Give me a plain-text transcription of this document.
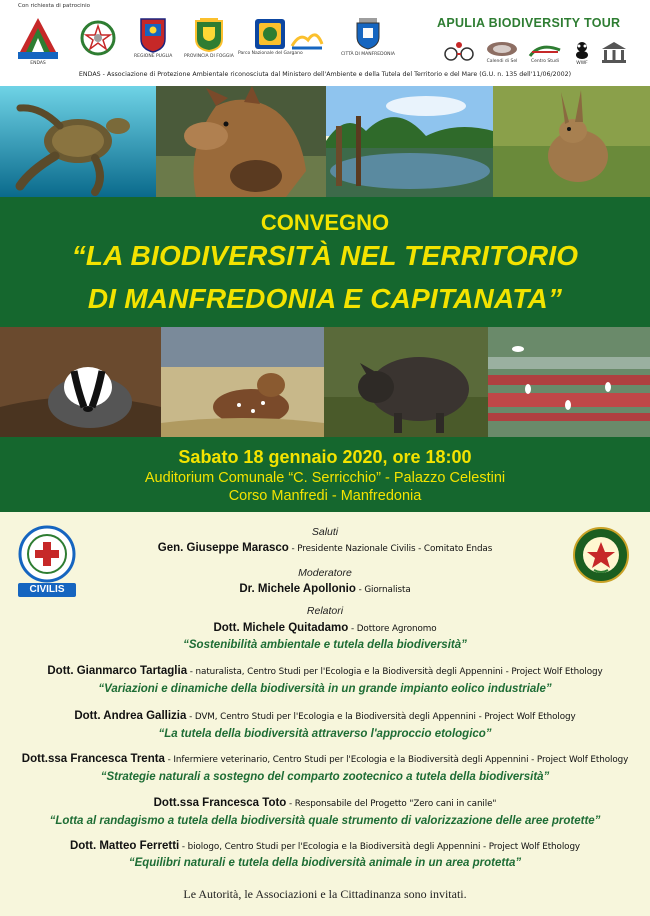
Con richiesta di patrocinio
ENDAS
REGIONE PUGLIA	PROVINCIA DI FOGGIA
Parco Nazionale del Gargano	CITTÀ DI MANFREDONIA
APULIA BIODIVERSITY TOUR
Calendi di Sel	Centro Studi	WWF
ENDAS - Associazione di Protezione Ambientale riconosciuta dal Ministero dell'Ambiente e della Tutela del Territorio e del Mare (G.U. n. 135 dell'11/06/2002)
CONVEGNO
“LA BIODIVERSITÀ NEL TERRITORIO
DI MANFREDONIA E CAPITANATA”
Sabato 18 gennaio 2020, ore 18:00
Auditorium Comunale “C. Serricchio” - Palazzo Celestini
Corso Manfredi - Manfredonia
CIVILIS
Saluti
Gen. Giuseppe Marasco - Presidente Nazionale Civilis - Comitato Endas
Moderatore
Dr. Michele Apollonio - Giornalista
Relatori
Dott. Michele Quitadamo - Dottore Agronomo
“Sostenibilità ambientale e tutela della biodiversità”
Dott. Gianmarco Tartaglia - naturalista, Centro Studi per l'Ecologia e la Biodiversità degli Appennini - Project Wolf Ethology
“Variazioni e dinamiche della biodiversità in un grande impianto eolico industriale”
Dott. Andrea Gallizia - DVM, Centro Studi per l'Ecologia e la Biodiversità degli Appennini - Project Wolf Ethology
“La tutela della biodiversità attraverso l'approccio etologico”
Dott.ssa Francesca Trenta - Infermiere veterinario, Centro Studi per l'Ecologia e la Biodiversità degli Appennini - Project Wolf Ethology
“Strategie naturali a sostegno del comparto zootecnico a tutela della biodiversità”
Dott.ssa Francesca Toto - Responsabile del Progetto "Zero cani in canile"
“Lotta al randagismo a tutela della biodiversità quale strumento di valorizzazione delle aree protette”
Dott. Matteo Ferretti - biologo, Centro Studi per l'Ecologia e la Biodiversità degli Appennini - Project Wolf Ethology
“Equilibri naturali e tutela della biodiversità animale in un area protetta”
Le Autorità, le Associazioni e la Cittadinanza sono invitati.
